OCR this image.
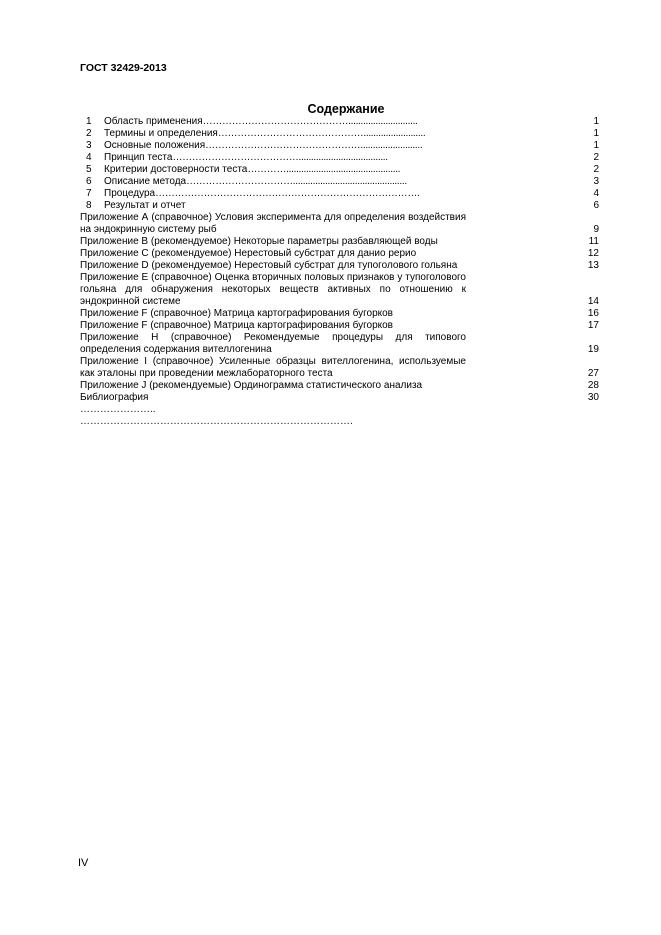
ГОСТ 32429-2013
Содержание
1	Область применения………………………………………............................	1
2	Термины и определения……………………………………….........................	1
3	Основные положения………………………………………….........................	1
4	Принцип теста…………………………………....................................	2
5	Критерии достоверности теста…………..............................................	2
6	Описание метода……………………………..............................................	3
7	Процедура……………………………………………………………………….	4
8	Результат и отчет	6
Приложение А (справочное) Условия эксперимента для определения воздействия на эндокринную систему рыб	9
Приложение В (рекомендуемое) Некоторые параметры разбавляющей воды	11
Приложение С (рекомендуемое) Нерестовый субстрат для данио рерио	12
Приложение D (рекомендуемое) Нерестовый субстрат для тупоголового гольяна	13
Приложение Е (справочное) Оценка вторичных половых признаков у тупоголового гольяна для обнаружения некоторых веществ активных по отношению к эндокринной системе	14
Приложение F (справочное) Матрица картографирования бугорков	16
Приложение F (справочное) Матрица картографирования бугорков	17
Приложение Н (справочное) Рекомендуемые процедуры для типового определения содержания вителлогенина	19
Приложение I (справочное) Усиленные образцы вителлогенина, используемые как эталоны при проведении межлабораторного теста	27
Приложение J (рекомендуемые) Ординограмма статистического анализа	28
Библиография	30
…………………..
……………………………………………………………………….
IV
